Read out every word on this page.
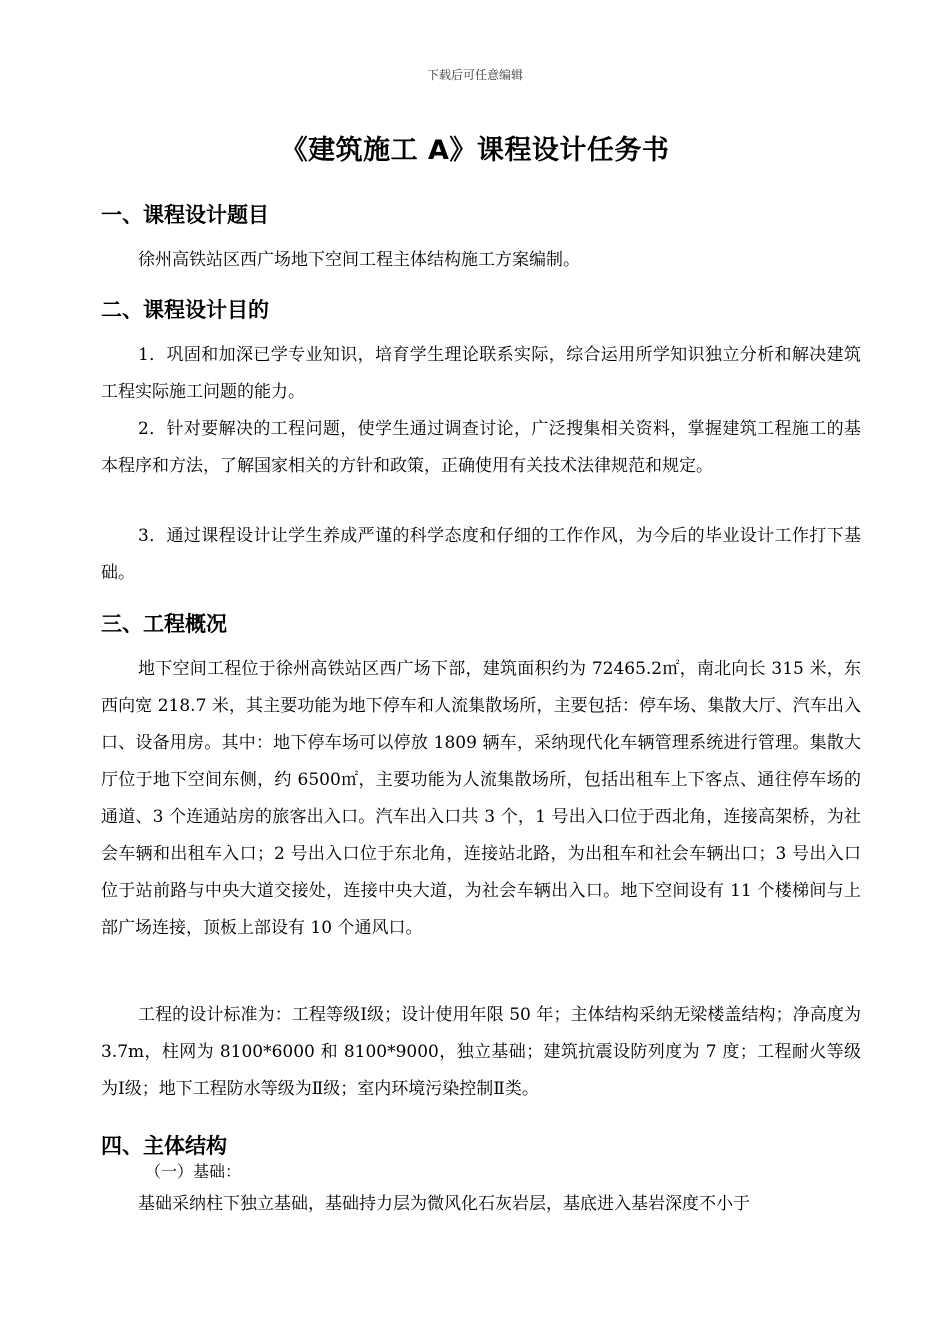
下载后可任意编辑
《建筑施工 A》课程设计任务书
一、课程设计题目

徐州高铁站区西广场地下空间工程主体结构施工方案编制。

二、课程设计目的

1．巩固和加深已学专业知识，培育学生理论联系实际，综合运用所学知识独立分析和解决建筑工程实际施工问题的能力。

2．针对要解决的工程问题，使学生通过调查讨论，广泛搜集相关资料，掌握建筑工程施工的基本程序和方法，了解国家相关的方针和政策，正确使用有关技术法律规范和规定。

3．通过课程设计让学生养成严谨的科学态度和仔细的工作作风，为今后的毕业设计工作打下基础。

三、工程概况

地下空间工程位于徐州高铁站区西广场下部，建筑面积约为 72465.2㎡，南北向长 315 米，东西向宽 218.7 米，其主要功能为地下停车和人流集散场所，主要包括：停车场、集散大厅、汽车出入口、设备用房。其中：地下停车场可以停放 1809 辆车，采纳现代化车辆管理系统进行管理。集散大厅位于地下空间东侧，约 6500㎡，主要功能为人流集散场所，包括出租车上下客点、通往停车场的通道、3 个连通站房的旅客出入口。汽车出入口共 3 个，1 号出入口位于西北角，连接高架桥，为社会车辆和出租车入口；2 号出入口位于东北角，连接站北路，为出租车和社会车辆出口；3 号出入口位于站前路与中央大道交接处，连接中央大道，为社会车辆出入口。地下空间设有 11 个楼梯间与上部广场连接，顶板上部设有 10 个通风口。

工程的设计标准为：工程等级Ⅰ级；设计使用年限 50 年；主体结构采纳无梁楼盖结构；净高度为 3.7m，柱网为 8100*6000 和 8100*9000，独立基础；建筑抗震设防列度为 7 度；工程耐火等级为Ⅰ级；地下工程防水等级为Ⅱ级；室内环境污染控制Ⅱ类。

四、主体结构
（一）基础：

基础采纳柱下独立基础，基础持力层为微风化石灰岩层，基底进入基岩深度不小于
